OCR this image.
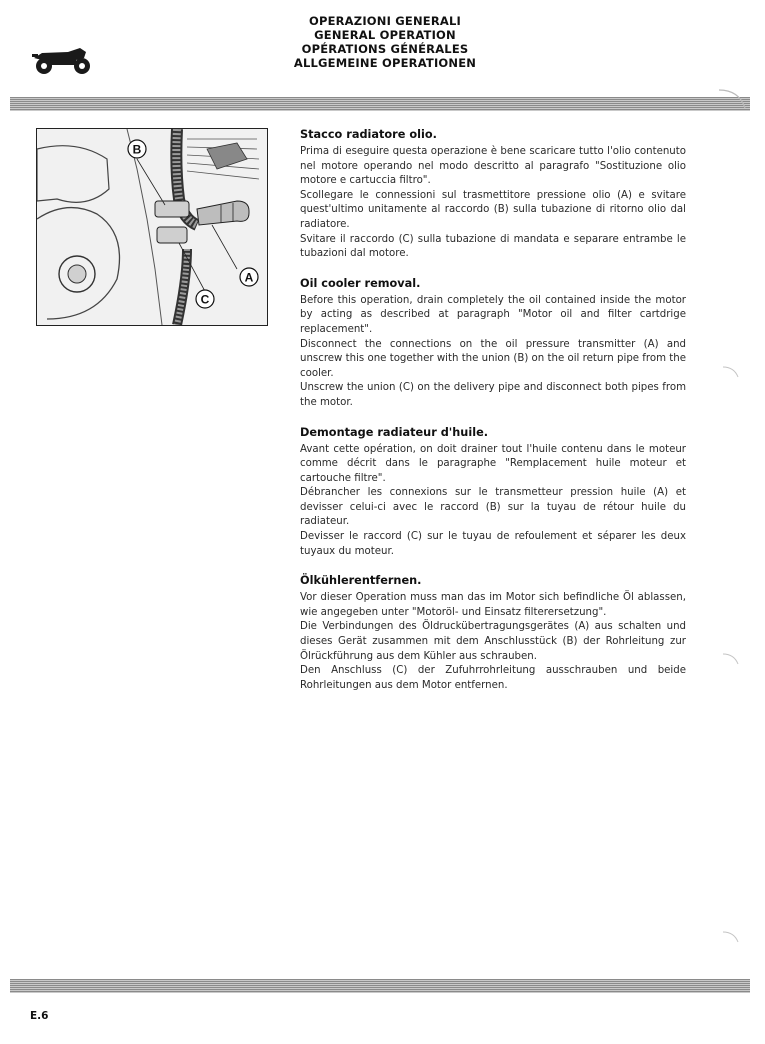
OPERAZIONI GENERALI
GENERAL OPERATION
OPÉRATIONS GÉNÉRALES
ALLGEMEINE OPERATIONEN
B
A
C
Stacco radiatore olio.

Prima di eseguire questa operazione è bene scaricare tutto l'olio contenuto nel motore operando nel modo descritto al paragrafo "Sostituzione olio motore e cartuccia filtro".

Scollegare le connessioni sul trasmettitore pressione olio (A) e svitare quest'ultimo unitamente al raccordo (B) sulla tubazione di ritorno olio dal radiatore.

Svitare il raccordo (C) sulla tubazione di mandata e separare entrambe le tubazioni dal motore.

Oil cooler removal.

Before this operation, drain completely the oil contained inside the motor by acting as described at paragraph "Motor oil and filter cartdrige replacement".

Disconnect the connections on the oil pressure transmitter (A) and unscrew this one together with the union (B) on the oil return pipe from the cooler.

Unscrew the union (C) on the delivery pipe and disconnect both pipes from the motor.

Demontage radiateur d'huile.

Avant cette opération, on doit drainer tout l'huile contenu dans le moteur comme décrit dans le paragraphe "Remplacement huile moteur et cartouche filtre".

Débrancher les connexions sur le transmetteur pression huile (A) et devisser celui-ci avec le raccord (B) sur la tuyau de rétour huile du radiateur.

Devisser le raccord (C) sur le tuyau de refoulement et séparer les deux tuyaux du moteur.

Ölkühlerentfernen.

Vor dieser Operation muss man das im Motor sich befindliche Öl ablassen, wie angegeben unter "Motoröl- und Einsatz filterersetzung".

Die Verbindungen des Öldruckübertragungsgerätes (A) aus schalten und dieses Gerät zusammen mit dem Anschlusstück (B) der Rohrleitung zur Ölrückführung aus dem Kühler aus schrauben.

Den Anschluss (C) der Zufuhrrohrleitung ausschrauben und beide Rohrleitungen aus dem Motor entfernen.

E.6
